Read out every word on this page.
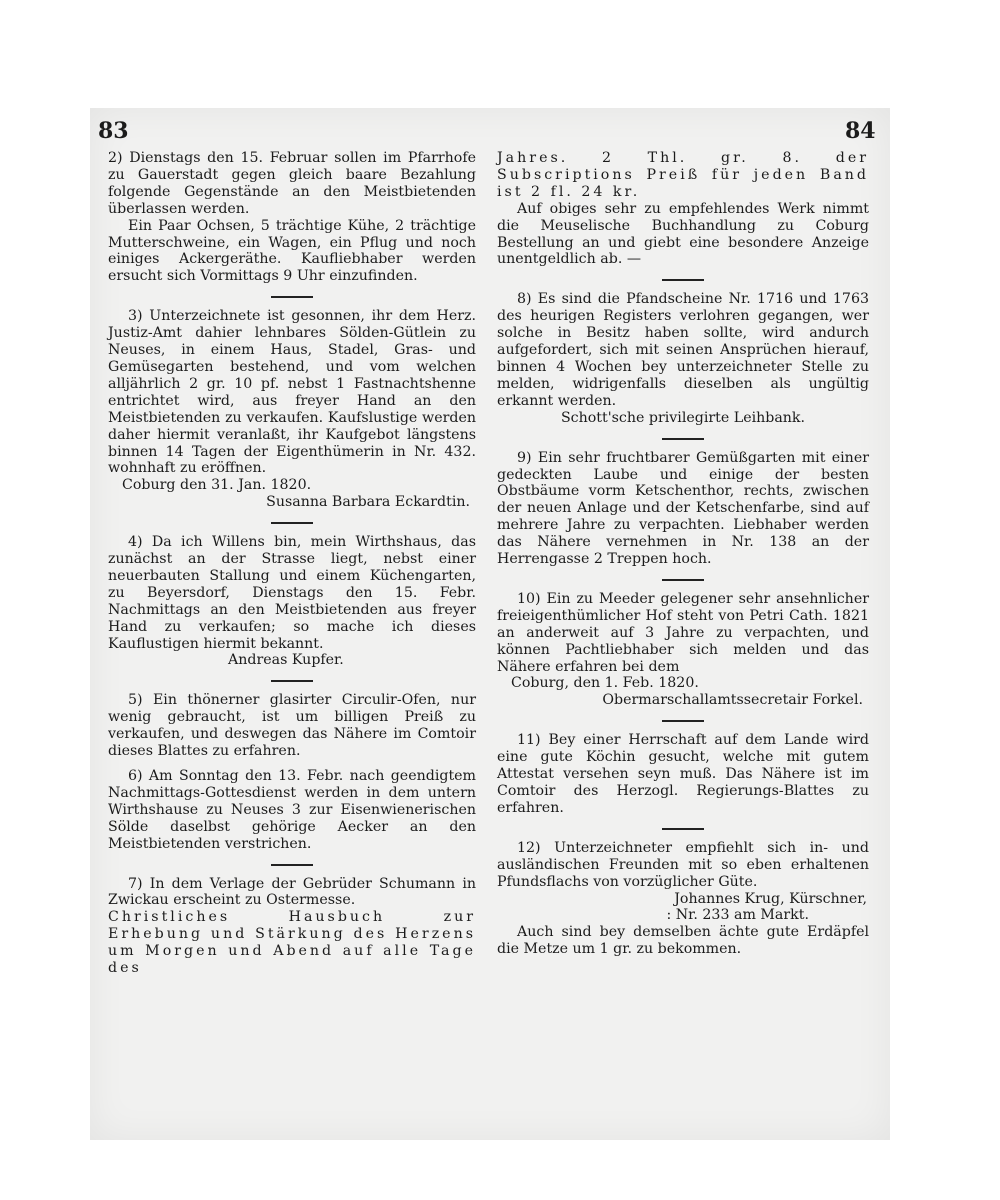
83	84

2) Dienstags den 15. Februar sollen im Pfarrhofe zu Gauerstadt gegen gleich baare Bezahlung folgende Gegenstände an den Meistbietenden überlassen werden.

Ein Paar Ochsen, 5 trächtige Kühe, 2 trächtige Mutterschweine, ein Wagen, ein Pflug und noch einiges Ackergeräthe. Kaufliebhaber werden ersucht sich Vormittags 9 Uhr einzufinden.

3) Unterzeichnete ist gesonnen, ihr dem Herz. Justiz-Amt dahier lehnbares Sölden-Gütlein zu Neuses, in einem Haus, Stadel, Gras- und Gemüsegarten bestehend, und vom welchen alljährlich 2 gr. 10 pf. nebst 1 Fastnachtshenne entrichtet wird, aus freyer Hand an den Meistbietenden zu verkaufen. Kaufslustige werden daher hiermit veranlaßt, ihr Kaufgebot längstens binnen 14 Tagen der Eigenthümerin in Nr. 432. wohnhaft zu eröffnen.

Coburg den 31. Jan. 1820.

Susanna Barbara Eckardtin.

4) Da ich Willens bin, mein Wirthshaus, das zunächst an der Strasse liegt, nebst einer neuerbauten Stallung und einem Küchengarten, zu Beyersdorf, Dienstags den 15. Febr. Nachmittags an den Meistbietenden aus freyer Hand zu verkaufen; so mache ich dieses Kauflustigen hiermit bekannt.

Andreas Kupfer.

5) Ein thönerner glasirter Circulir-Ofen, nur wenig gebraucht, ist um billigen Preiß zu verkaufen, und deswegen das Nähere im Comtoir dieses Blattes zu erfahren.

6) Am Sonntag den 13. Febr. nach geendigtem Nachmittags-Gottesdienst werden in dem untern Wirthshause zu Neuses 3 zur Eisenwienerischen Sölde daselbst gehörige Aecker an den Meistbietenden verstrichen.

7) In dem Verlage der Gebrüder Schumann in Zwickau erscheint zu Ostermesse.

Christliches Hausbuch zur Erhebung und Stärkung des Herzens um Morgen und Abend auf alle Tage des

Jahres. 2 Thl. gr. 8. der Subscriptions Preiß für jeden Band ist 2 fl. 24 kr.

Auf obiges sehr zu empfehlendes Werk nimmt die Meuselische Buchhandlung zu Coburg Bestellung an und giebt eine besondere Anzeige unentgeldlich ab. —

8) Es sind die Pfandscheine Nr. 1716 und 1763 des heurigen Registers verlohren gegangen, wer solche in Besitz haben sollte, wird andurch aufgefordert, sich mit seinen Ansprüchen hierauf, binnen 4 Wochen bey unterzeichneter Stelle zu melden, widrigenfalls dieselben als ungültig erkannt werden.

Schott'sche privilegirte Leihbank.

9) Ein sehr fruchtbarer Gemüßgarten mit einer gedeckten Laube und einige der besten Obstbäume vorm Ketschenthor, rechts, zwischen der neuen Anlage und der Ketschenfarbe, sind auf mehrere Jahre zu verpachten. Liebhaber werden das Nähere vernehmen in Nr. 138 an der Herrengasse 2 Treppen hoch.

10) Ein zu Meeder gelegener sehr ansehnlicher freieigenthümlicher Hof steht von Petri Cath. 1821 an anderweit auf 3 Jahre zu verpachten, und können Pachtliebhaber sich melden und das Nähere erfahren bei dem

Coburg, den 1. Feb. 1820.

Obermarschallamtssecretair Forkel.

11) Bey einer Herrschaft auf dem Lande wird eine gute Köchin gesucht, welche mit gutem Attestat versehen seyn muß. Das Nähere ist im Comtoir des Herzogl. Regierungs-Blattes zu erfahren.

12) Unterzeichneter empfiehlt sich in- und ausländischen Freunden mit so eben erhaltenen Pfundsflachs von vorzüglicher Güte.

Johannes Krug, Kürschner,

: Nr. 233 am Markt.

Auch sind bey demselben ächte gute Erdäpfel die Metze um 1 gr. zu bekommen.
